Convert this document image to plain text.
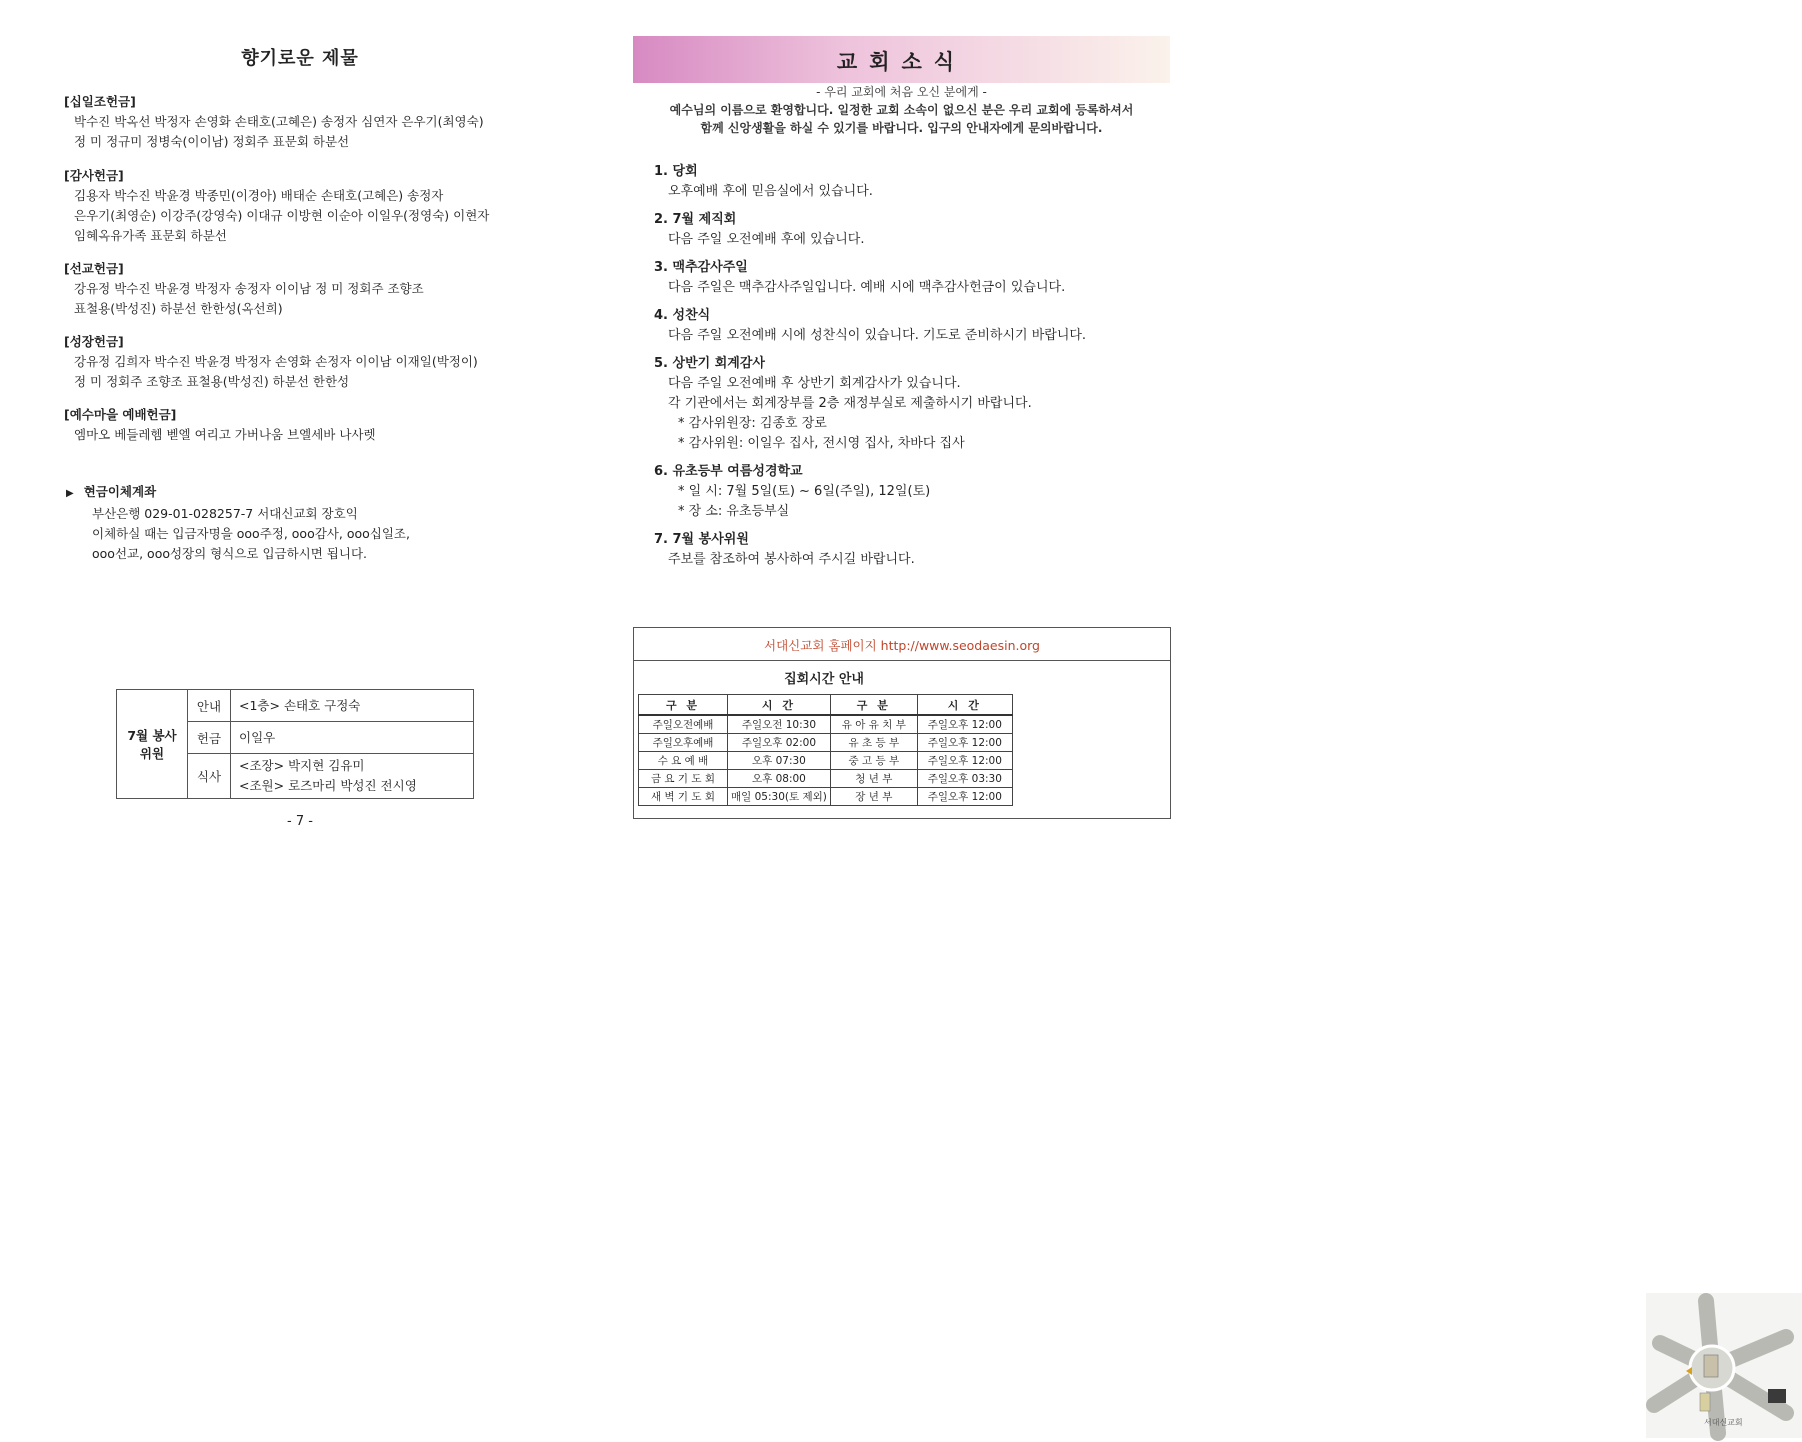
향기로운 제물
[십일조헌금]
박수진 박옥선 박정자 손영화 손태호(고혜은) 송정자 심연자 은우기(최영숙)
정 미 정규미 정병숙(이이남) 정회주 표문회 하분선
[감사헌금]
김용자 박수진 박윤경 박종민(이경아) 배태순 손태호(고혜은) 송정자
은우기(최영순) 이강주(강영숙) 이대규 이방현 이순아 이일우(정영숙) 이현자
임혜옥유가족 표문회 하분선
[선교헌금]
강유정 박수진 박윤경 박정자 송정자 이이남 정 미 정회주 조향조
표철용(박성진) 하분선 한한성(옥선희)
[성장헌금]
강유정 김희자 박수진 박윤경 박정자 손영화 손정자 이이남 이재일(박정이)
정 미 정회주 조향조 표철용(박성진) 하분선 한한성
[예수마을 예배헌금]
엠마오 베들레헴 벧엘 여리고 가버나움 브엘세바 나사렛
▶ 현금이체계좌
부산은행 029-01-028257-7 서대신교회 장호익
이체하실 때는 입금자명을 ooo주정, ooo감사, ooo십일조,
ooo선교, ooo성장의 형식으로 입금하시면 됩니다.
7월 봉사위원	안내	<1층> 손태호 구정숙
	헌금	이일우
	식사	<조장> 박지현 김유미
<조원> 로즈마리 박성진 전시영
- 7 -
교회소식
- 우리 교회에 처음 오신 분에게 -
예수님의 이름으로 환영합니다. 일정한 교회 소속이 없으신 분은 우리 교회에 등록하셔서
함께 신앙생활을 하실 수 있기를 바랍니다. 입구의 안내자에게 문의바랍니다.
1. 당회
오후예배 후에 믿음실에서 있습니다.
2. 7월 제직회
다음 주일 오전예배 후에 있습니다.
3. 맥추감사주일
다음 주일은 맥추감사주일입니다. 예배 시에 맥추감사헌금이 있습니다.
4. 성찬식
다음 주일 오전예배 시에 성찬식이 있습니다. 기도로 준비하시기 바랍니다.
5. 상반기 회계감사
다음 주일 오전예배 후 상반기 회계감사가 있습니다.
각 기관에서는 회계장부를 2층 재정부실로 제출하시기 바랍니다.
* 감사위원장: 김종호 장로
* 감사위원: 이일우 집사, 전시영 집사, 차바다 집사
6. 유초등부 여름성경학교
* 일 시: 7월 5일(토) ~ 6일(주일), 12일(토)
* 장 소: 유초등부실
7. 7월 봉사위원
주보를 참조하여 봉사하여 주시길 바랍니다.
서대신교회 홈페이지 http://www.seodaesin.org
집회시간 안내
구 분	시 간	구 분	시 간
주일오전예배	주일오전 10:30	유 아 유 치 부	주일오후 12:00
주일오후예배	주일오후 02:00	유 초 등 부	주일오후 12:00
수 요 예 배	오후 07:30	중 고 등 부	주일오후 12:00
금 요 기 도 회	오후 08:00	청 년 부	주일오후 03:30
새 벽 기 도 회	매일 05:30(토 제외)	장 년 부	주일오후 12:00
서대신교회
